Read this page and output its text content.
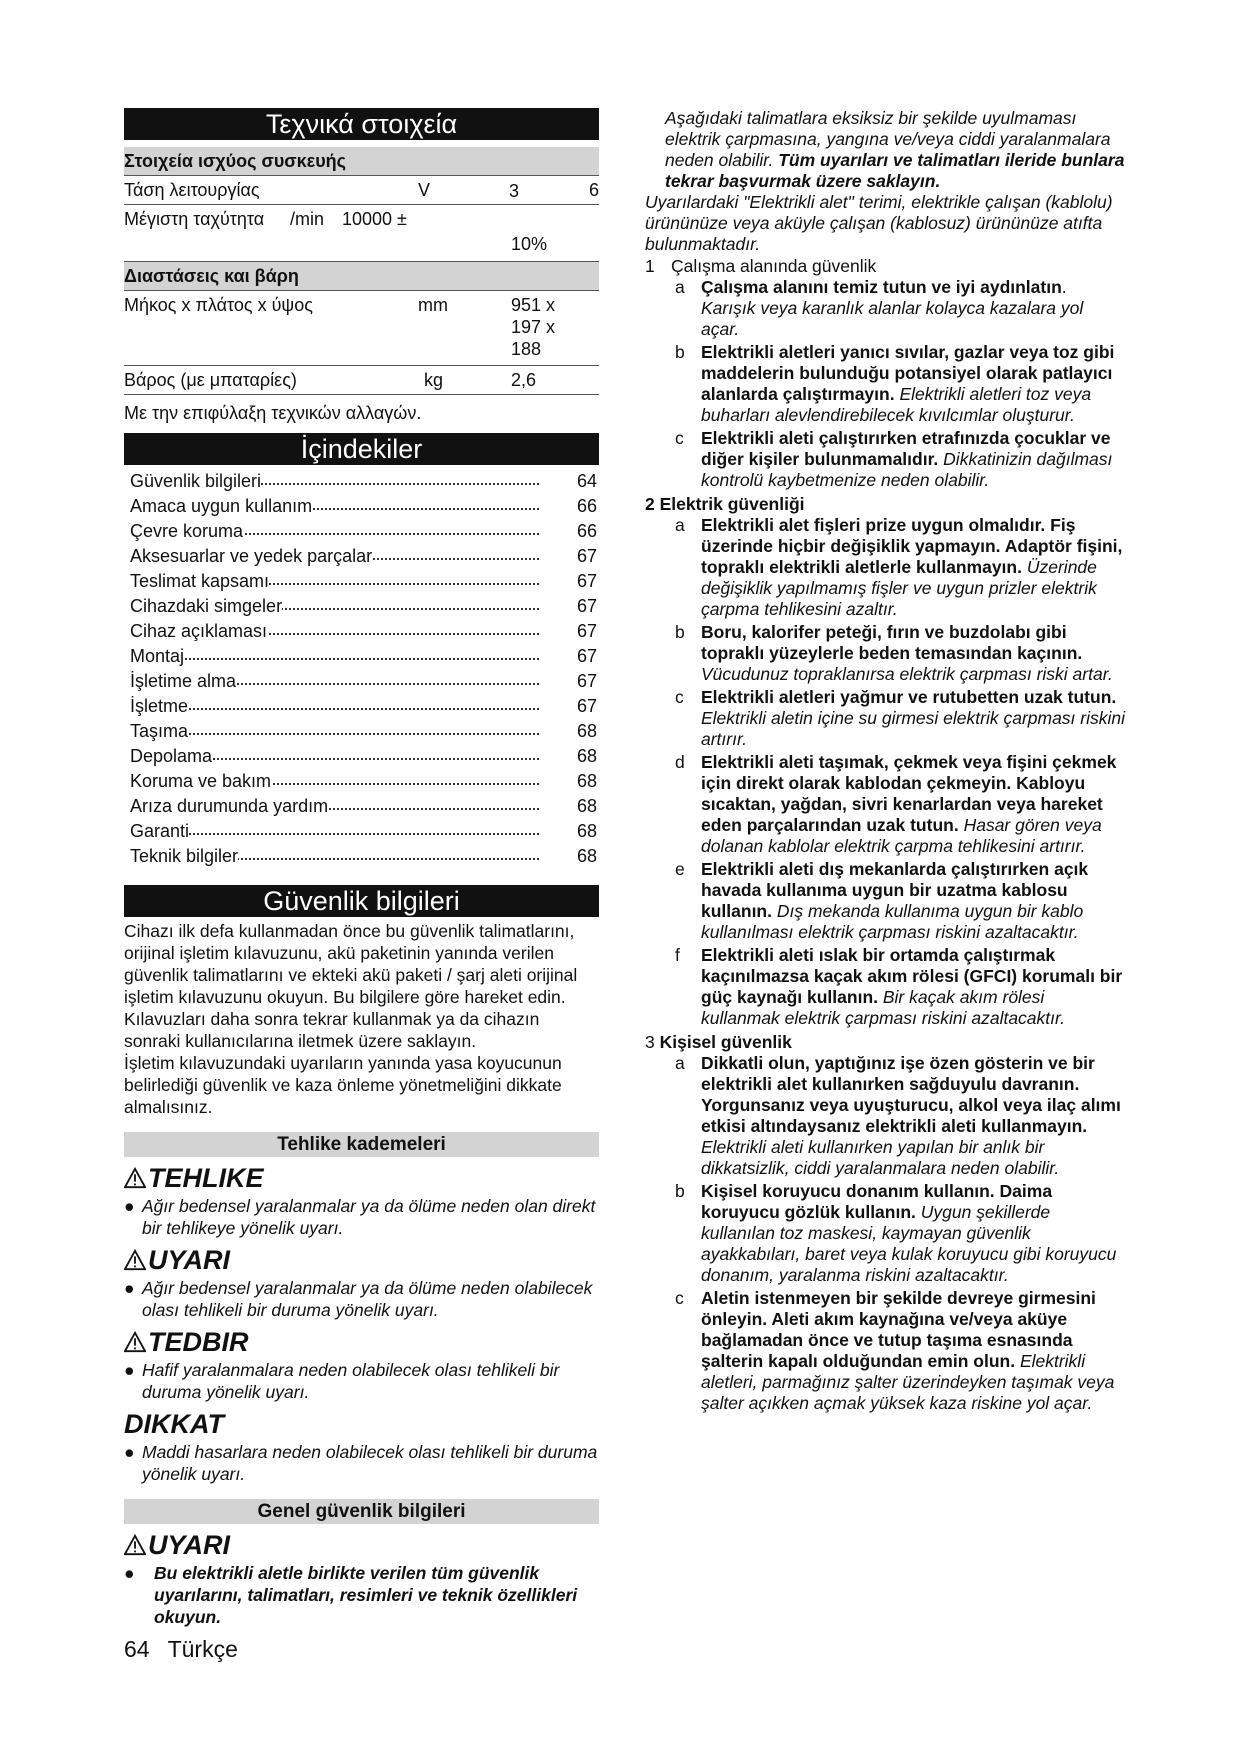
Τεχνικά στοιχεία
Στοιχεία ισχύος συσκευής
Τάση λειτουργίας	V	3	6
Μέγιστη ταχύτητα /min 10000 ±
10%
Διαστάσεις και βάρη
Μήκος x πλάτος x ύψος	mm	951 x
197 x
188
Βάρος (με μπαταρίες)	kg	2,6
Με την επιφύλαξη τεχνικών αλλαγών.
İçindekiler
Güvenlik bilgileri	64
Amaca uygun kullanım	66
Çevre koruma	66
Aksesuarlar ve yedek parçalar	67
Teslimat kapsamı	67
Cihazdaki simgeler	67
Cihaz açıklaması	67
Montaj	67
İşletime alma	67
İşletme	67
Taşıma	68
Depolama	68
Koruma ve bakım	68
Arıza durumunda yardım	68
Garanti	68
Teknik bilgiler	68
Güvenlik bilgileri

Cihazı ilk defa kullanmadan önce bu güvenlik talimatlarını, orijinal işletim kılavuzunu, akü paketinin yanında verilen güvenlik talimatlarını ve ekteki akü paketi / şarj aleti orijinal işletim kılavuzunu okuyun. Bu bilgilere göre hareket edin. Kılavuzları daha sonra tekrar kullanmak ya da cihazın sonraki kullanıcılarına iletmek üzere saklayın.

İşletim kılavuzundaki uyarıların yanında yasa koyucunun belirlediği güvenlik ve kaza önleme yönetmeliğini dikkate almalısınız.

Tehlike kademeleri
TEHLIKE

● Ağır bedensel yaralanmalar ya da ölüme neden olan direkt bir tehlikeye yönelik uyarı.

UYARI

● Ağır bedensel yaralanmalar ya da ölüme neden olabilecek olası tehlikeli bir duruma yönelik uyarı.

TEDBIR

● Hafif yaralanmalara neden olabilecek olası tehlikeli bir duruma yönelik uyarı.

DIKKAT

● Maddi hasarlara neden olabilecek olası tehlikeli bir duruma yönelik uyarı.

Genel güvenlik bilgileri
UYARI

● Bu elektrikli aletle birlikte verilen tüm güvenlik uyarılarını, talimatları, resimleri ve teknik özellikleri okuyun.

Aşağıdaki talimatlara eksiksiz bir şekilde uyulmaması elektrik çarpmasına, yangına ve/veya ciddi yaralanmalara neden olabilir. Tüm uyarıları ve talimatları ileride bunlara tekrar başvurmak üzere saklayın.

Uyarılardaki "Elektrikli alet" terimi, elektrikle çalışan (kablolu) ürününüze veya aküyle çalışan (kablosuz) ürününüze atıfta bulunmaktadır.

1 Çalışma alanında güvenlik

a Çalışma alanını temiz tutun ve iyi aydınlatın. Karışık veya karanlık alanlar kolayca kazalara yol açar.

b Elektrikli aletleri yanıcı sıvılar, gazlar veya toz gibi maddelerin bulunduğu potansiyel olarak patlayıcı alanlarda çalıştırmayın. Elektrikli aletleri toz veya buharları alevlendirebilecek kıvılcımlar oluşturur.

c Elektrikli aleti çalıştırırken etrafınızda çocuklar ve diğer kişiler bulunmamalıdır. Dikkatinizin dağılması kontrolü kaybetmenize neden olabilir.

2 Elektrik güvenliği

a Elektrikli alet fişleri prize uygun olmalıdır. Fiş üzerinde hiçbir değişiklik yapmayın. Adaptör fişini, topraklı elektrikli aletlerle kullanmayın. Üzerinde değişiklik yapılmamış fişler ve uygun prizler elektrik çarpma tehlikesini azaltır.

b Boru, kalorifer peteği, fırın ve buzdolabı gibi topraklı yüzeylerle beden temasından kaçının. Vücudunuz topraklanırsa elektrik çarpması riski artar.

c Elektrikli aletleri yağmur ve rutubetten uzak tutun. Elektrikli aletin içine su girmesi elektrik çarpması riskini artırır.

d Elektrikli aleti taşımak, çekmek veya fişini çekmek için direkt olarak kablodan çekmeyin. Kabloyu sıcaktan, yağdan, sivri kenarlardan veya hareket eden parçalarından uzak tutun. Hasar gören veya dolanan kablolar elektrik çarpma tehlikesini artırır.

e Elektrikli aleti dış mekanlarda çalıştırırken açık havada kullanıma uygun bir uzatma kablosu kullanın. Dış mekanda kullanıma uygun bir kablo kullanılması elektrik çarpması riskini azaltacaktır.

f Elektrikli aleti ıslak bir ortamda çalıştırmak kaçınılmazsa kaçak akım rölesi (GFCI) korumalı bir güç kaynağı kullanın. Bir kaçak akım rölesi kullanmak elektrik çarpması riskini azaltacaktır.

3 Kişisel güvenlik

a Dikkatli olun, yaptığınız işe özen gösterin ve bir elektrikli alet kullanırken sağduyulu davranın. Yorgunsanız veya uyuşturucu, alkol veya ilaç alımı etkisi altındaysanız elektrikli aleti kullanmayın. Elektrikli aleti kullanırken yapılan bir anlık bir dikkatsizlik, ciddi yaralanmalara neden olabilir.

b Kişisel koruyucu donanım kullanın. Daima koruyucu gözlük kullanın. Uygun şekillerde kullanılan toz maskesi, kaymayan güvenlik ayakkabıları, baret veya kulak koruyucu gibi koruyucu donanım, yaralanma riskini azaltacaktır.

c Aletin istenmeyen bir şekilde devreye girmesini önleyin. Aleti akım kaynağına ve/veya aküye bağlamadan önce ve tutup taşıma esnasında şalterin kapalı olduğundan emin olun. Elektrikli aletleri, parmağınız şalter üzerindeyken taşımak veya şalter açıkken açmak yüksek kaza riskine yol açar.

64 Türkçe
